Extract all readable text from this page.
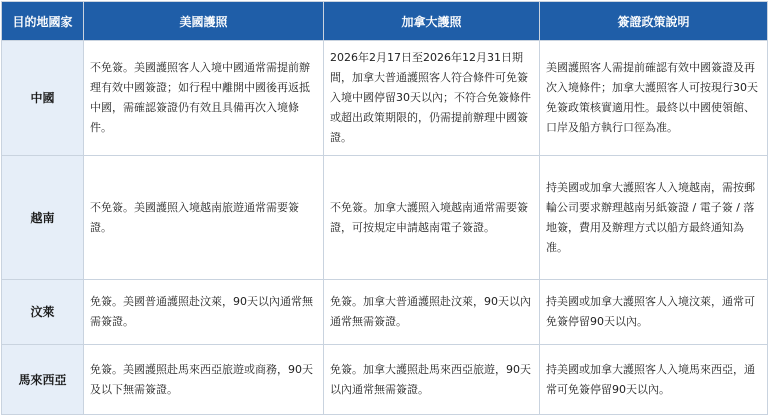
目的地國家	美國護照	加拿大護照	簽證政策說明
中國	不免簽。美國護照客人入境中國通常需提前辦理有效中國簽證；如行程中離開中國後再返抵中國，需確認簽證仍有效且具備再次入境條件。	2026年2月17日至2026年12月31日期間，加拿大普通護照客人符合條件可免簽入境中國停留30天以內；不符合免簽條件或超出政策期限的，仍需提前辦理中國簽證。	美國護照客人需提前確認有效中國簽證及再次入境條件；加拿大護照客人可按現行30天免簽政策核實適用性。最終以中國使領館、口岸及船方執行口徑為准。
越南	不免簽。美國護照入境越南旅遊通常需要簽證。	不免簽。加拿大護照入境越南通常需要簽證，可按規定申請越南電子簽證。	持美國或加拿大護照客人入境越南，需按郵輪公司要求辦理越南另紙簽證 / 電子簽 / 落地簽，費用及辦理方式以船方最終通知為准。
汶萊	免簽。美國普通護照赴汶萊，90天以內通常無需簽證。	免簽。加拿大普通護照赴汶萊，90天以內通常無需簽證。	持美國或加拿大護照客人入境汶萊，通常可免簽停留90天以內。
馬來西亞	免簽。美國護照赴馬來西亞旅遊或商務，90天及以下無需簽證。	免簽。加拿大護照赴馬來西亞旅遊，90天以內通常無需簽證。	持美國或加拿大護照客人入境馬來西亞，通常可免簽停留90天以內。
